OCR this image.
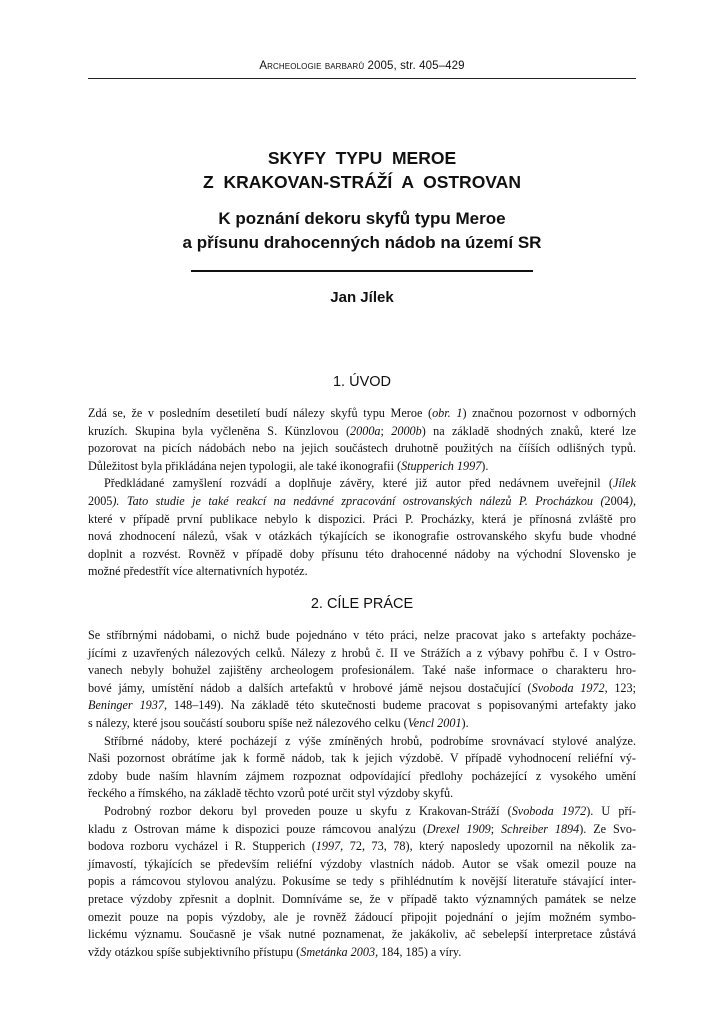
Archeologie barbarů 2005, str. 405–429
SKYFY  TYPU  MEROE
Z  KRAKOVAN-STRÁŽÍ  A  OSTROVAN
K poznání dekoru skyfů typu Meroe
a přísunu drahocenných nádob na území SR
Jan Jílek
1. ÚVOD
Zdá se, že v posledním desetiletí budí nálezy skyfů typu Meroe (obr. 1) značnou pozornost v odborných
kruzích. Skupina byla vyčleněna S. Künzlovou (2000a; 2000b) na základě shodných znaků, které lze
pozorovat na picích nádobách nebo na jejich součástech druhotně použitých na čííších odlišných typů.
Důležitost byla přikládána nejen typologii, ale také ikonografii (Stupperich 1997).
Předkládané zamyšlení rozvádí a doplňuje závěry, které již autor před nedávnem uveřejnil (Jílek
2005). Tato studie je také reakcí na nedávné zpracování ostrovanských nálezů P. Procházkou (2004),
které v případě první publikace nebylo k dispozici. Práci P. Procházky, která je přínosná zvláště pro
nová zhodnocení nálezů, však v otázkách týkajících se ikonografie ostrovanského skyfu bude vhodné
doplnit a rozvést. Rovněž v případě doby přísunu této drahocenné nádoby na východní Slovensko je
možné předestřít více alternativních hypotéz.
2. CÍLE PRÁCE
Se stříbrnými nádobami, o nichž bude pojednáno v této práci, nelze pracovat jako s artefakty pocháze-
jícími z uzavřených nálezových celků. Nálezy z hrobů č. II ve Strážích a z výbavy pohřbu č. I v Ostro-
vanech nebyly bohužel zajištěny archeologem profesionálem. Také naše informace o charakteru hro-
bové jámy, umístění nádob a dalších artefaktů v hrobové jámě nejsou dostačující (Svoboda 1972, 123;
Beninger 1937, 148–149). Na základě této skutečnosti budeme pracovat s popisovanými artefakty jako
s nálezy, které jsou součástí souboru spíše než nálezového celku (Vencl 2001).
Stříbrné nádoby, které pocházejí z výše zmíněných hrobů, podrobíme srovnávací stylové analýze.
Naši pozornost obrátíme jak k formě nádob, tak k jejich výzdobě. V případě vyhodnocení reliéfní vý-
zdoby bude naším hlavním zájmem rozpoznat odpovídající předlohy pocházející z vysokého umění
řeckého a římského, na základě těchto vzorů poté určit styl výzdoby skyfů.
Podrobný rozbor dekoru byl proveden pouze u skyfu z Krakovan-Stráží (Svoboda 1972). U pří-
kladu z Ostrovan máme k dispozici pouze rámcovou analýzu (Drexel 1909; Schreiber 1894). Ze Svo-
bodova rozboru vycházel i R. Stupperich (1997, 72, 73, 78), který naposledy upozornil na několik za-
jímavostí, týkajících se především reliéfní výzdoby vlastních nádob. Autor se však omezil pouze na
popis a rámcovou stylovou analýzu. Pokusíme se tedy s přihlédnutím k novější literatuře stávající inter-
pretace výzdoby zpřesnit a doplnit. Domníváme se, že v případě takto významných památek se nelze
omezit pouze na popis výzdoby, ale je rovněž žádoucí připojit pojednání o jejím možném symbo-
lickému významu. Současně je však nutné poznamenat, že jakákoliv, ač sebelepší interpretace zůstává
vždy otázkou spíše subjektivního přístupu (Smetánka 2003, 184, 185) a víry.
